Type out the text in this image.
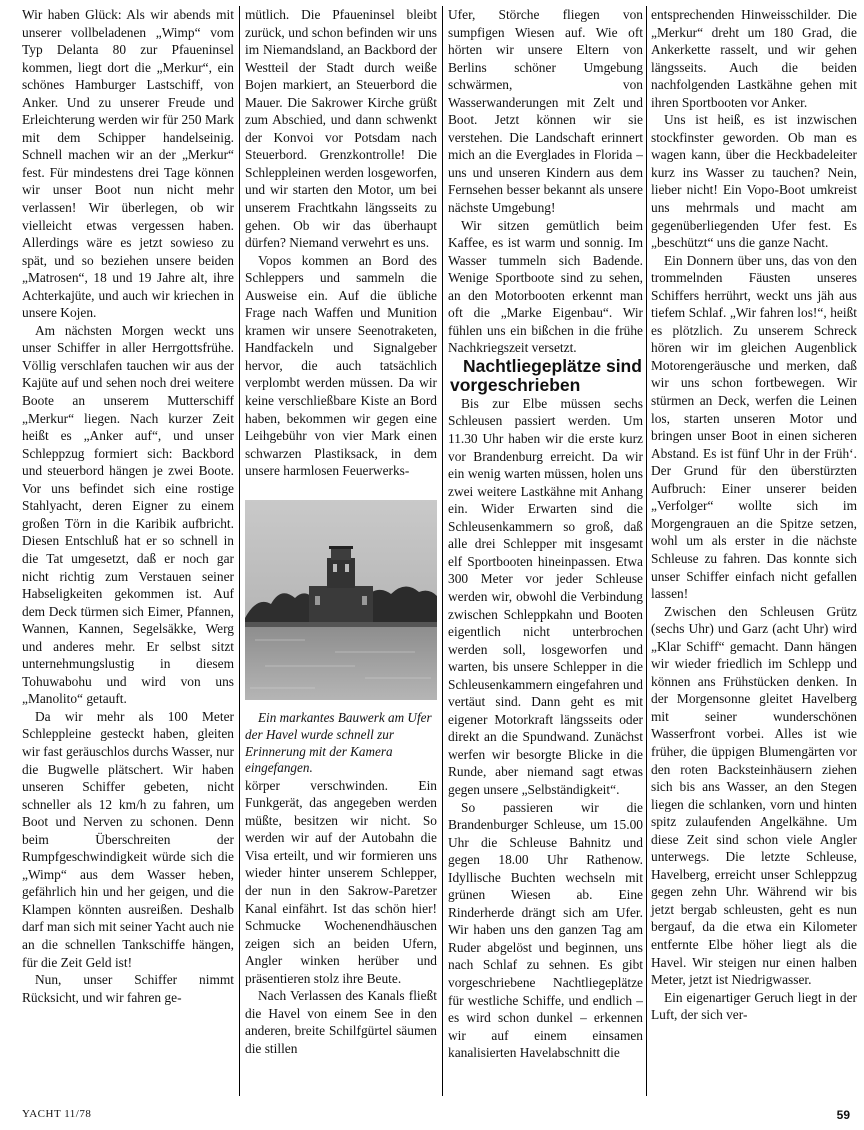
Wir haben Glück: Als wir abends mit unserer vollbeladenen „Wimp“ vom Typ Delanta 80 zur Pfaueninsel kommen, liegt dort die „Merkur“, ein schönes Hamburger Lastschiff, von Anker. Und zu unserer Freude und Erleichterung werden wir für 250 Mark mit dem Schipper handelseinig. Schnell machen wir an der „Merkur“ fest. Für mindestens drei Tage können wir unser Boot nun nicht mehr verlassen! Wir überlegen, ob wir vielleicht etwas vergessen haben. Allerdings wäre es jetzt sowieso zu spät, und so beziehen unsere beiden „Matrosen“, 18 und 19 Jahre alt, ihre Achterkajüte, und auch wir kriechen in unsere Kojen.

Am nächsten Morgen weckt uns unser Schiffer in aller Herrgottsfrühe. Völlig verschlafen tauchen wir aus der Kajüte auf und sehen noch drei weitere Boote an unserem Mutterschiff „Merkur“ liegen. Nach kurzer Zeit heißt es „Anker auf“, und unser Schleppzug formiert sich: Backbord und steuerbord hängen je zwei Boote. Vor uns befindet sich eine rostige Stahlyacht, deren Eigner zu einem großen Törn in die Karibik aufbricht. Diesen Entschluß hat er so schnell in die Tat umgesetzt, daß er noch gar nicht richtig zum Verstauen seiner Habseligkeiten gekommen ist. Auf dem Deck türmen sich Eimer, Pfannen, Wannen, Kannen, Segelsäkke, Werg und anderes mehr. Er selbst sitzt unternehmungslustig in diesem Tohuwabohu und wird von uns „Manolito“ getauft.

Da wir mehr als 100 Meter Schleppleine gesteckt haben, gleiten wir fast geräuschlos durchs Wasser, nur die Bugwelle plätschert. Wir haben unseren Schiffer gebeten, nicht schneller als 12 km/h zu fahren, um Boot und Nerven zu schonen. Denn beim Überschreiten der Rumpfgeschwindigkeit würde sich die „Wimp“ aus dem Wasser heben, gefährlich hin und her geigen, und die Klampen könnten ausreißen. Deshalb darf man sich mit seiner Yacht auch nie an die schnellen Tankschiffe hängen, für die Zeit Geld ist!

Nun, unser Schiffer nimmt Rücksicht, und wir fahren ge-

mütlich. Die Pfaueninsel bleibt zurück, und schon befinden wir uns im Niemandsland, an Backbord der Westteil der Stadt durch weiße Bojen markiert, an Steuerbord die Mauer. Die Sakrower Kirche grüßt zum Abschied, und dann schwenkt der Konvoi vor Potsdam nach Steuerbord. Grenzkontrolle! Die Schleppleinen werden losgeworfen, und wir starten den Motor, um bei unserem Frachtkahn längsseits zu gehen. Ob wir das überhaupt dürfen? Niemand verwehrt es uns.

Vopos kommen an Bord des Schleppers und sammeln die Ausweise ein. Auf die übliche Frage nach Waffen und Munition kramen wir unsere Seenotraketen, Handfackeln und Signalgeber hervor, die auch tatsächlich verplombt werden müssen. Da wir keine verschließbare Kiste an Bord haben, bekommen wir gegen eine Leihgebühr von vier Mark einen schwarzen Plastiksack, in dem unsere harmlosen Feuerwerks-

Ein markantes Bauwerk am Ufer der Havel wurde schnell zur Erinnerung mit der Kamera eingefangen.

körper verschwinden. Ein Funkgerät, das angegeben werden müßte, besitzen wir nicht. So werden wir auf der Autobahn die Visa erteilt, und wir formieren uns wieder hinter unserem Schlepper, der nun in den Sakrow-Paretzer Kanal einfährt. Ist das schön hier! Schmucke Wochenendhäuschen zeigen sich an beiden Ufern, Angler winken herüber und präsentieren stolz ihre Beute.

Nach Verlassen des Kanals fließt die Havel von einem See in den anderen, breite Schilfgürtel säumen die stillen

Ufer, Störche fliegen von sumpfigen Wiesen auf. Wie oft hörten wir unsere Eltern von Berlins schöner Umgebung schwärmen, von Wasserwanderungen mit Zelt und Boot. Jetzt können wir sie verstehen. Die Landschaft erinnert mich an die Everglades in Florida – uns und unseren Kindern aus dem Fernsehen besser bekannt als unsere nächste Umgebung!

Wir sitzen gemütlich beim Kaffee, es ist warm und sonnig. Im Wasser tummeln sich Badende. Wenige Sportboote sind zu sehen, an den Motorbooten erkennt man oft die „Marke Eigenbau“. Wir fühlen uns ein bißchen in die frühe Nachkriegszeit versetzt.

Nachtliegeplätze sind vorgeschrieben

Bis zur Elbe müssen sechs Schleusen passiert werden. Um 11.30 Uhr haben wir die erste kurz vor Brandenburg erreicht. Da wir ein wenig warten müssen, holen uns zwei weitere Lastkähne mit Anhang ein. Wider Erwarten sind die Schleusenkammern so groß, daß alle drei Schlepper mit insgesamt elf Sportbooten hineinpassen. Etwa 300 Meter vor jeder Schleuse werden wir, obwohl die Verbindung zwischen Schleppkahn und Booten eigentlich nicht unterbrochen werden soll, losgeworfen und warten, bis unsere Schlepper in die Schleusenkammern eingefahren und vertäut sind. Dann geht es mit eigener Motorkraft längsseits oder direkt an die Spundwand. Zunächst werfen wir besorgte Blicke in die Runde, aber niemand sagt etwas gegen unsere „Selbständigkeit“.

So passieren wir die Brandenburger Schleuse, um 15.00 Uhr die Schleuse Bahnitz und gegen 18.00 Uhr Rathenow. Idyllische Buchten wechseln mit grünen Wiesen ab. Eine Rinderherde drängt sich am Ufer. Wir haben uns den ganzen Tag am Ruder abgelöst und beginnen, uns nach Schlaf zu sehnen. Es gibt vorgeschriebene Nachtliegeplätze für westliche Schiffe, und endlich – es wird schon dunkel – erkennen wir auf einem einsamen kanalisierten Havelabschnitt die

entsprechenden Hinweisschilder. Die „Merkur“ dreht um 180 Grad, die Ankerkette rasselt, und wir gehen längsseits. Auch die beiden nachfolgenden Lastkähne gehen mit ihren Sportbooten vor Anker.

Uns ist heiß, es ist inzwischen stockfinster geworden. Ob man es wagen kann, über die Heckbadeleiter kurz ins Wasser zu tauchen? Nein, lieber nicht! Ein Vopo-Boot umkreist uns mehrmals und macht am gegenüberliegenden Ufer fest. Es „beschützt“ uns die ganze Nacht.

Ein Donnern über uns, das von den trommelnden Fäusten unseres Schiffers herrührt, weckt uns jäh aus tiefem Schlaf. „Wir fahren los!“, heißt es plötzlich. Zu unserem Schreck hören wir im gleichen Augenblick Motorengeräusche und merken, daß wir uns schon fortbewegen. Wir stürmen an Deck, werfen die Leinen los, starten unseren Motor und bringen unser Boot in einen sicheren Abstand. Es ist fünf Uhr in der Früh‘. Der Grund für den überstürzten Aufbruch: Einer unserer beiden „Verfolger“ wollte sich im Morgengrauen an die Spitze setzen, wohl um als erster in die nächste Schleuse zu fahren. Das konnte sich unser Schiffer einfach nicht gefallen lassen!

Zwischen den Schleusen Grütz (sechs Uhr) und Garz (acht Uhr) wird „Klar Schiff“ gemacht. Dann hängen wir wieder friedlich im Schlepp und können ans Frühstücken denken. In der Morgensonne gleitet Havelberg mit seiner wunderschönen Wasserfront vorbei. Alles ist wie früher, die üppigen Blumengärten vor den roten Backsteinhäusern ziehen sich bis ans Wasser, an den Stegen liegen die schlanken, vorn und hinten spitz zulaufenden Angelkähne. Um diese Zeit sind schon viele Angler unterwegs. Die letzte Schleuse, Havelberg, erreicht unser Schleppzug gegen zehn Uhr. Während wir bis jetzt bergab schleusten, geht es nun bergauf, da die etwa ein Kilometer entfernte Elbe höher liegt als die Havel. Wir steigen nur einen halben Meter, jetzt ist Niedrigwasser.

Ein eigenartiger Geruch liegt in der Luft, der sich ver-

YACHT 11/78	59
